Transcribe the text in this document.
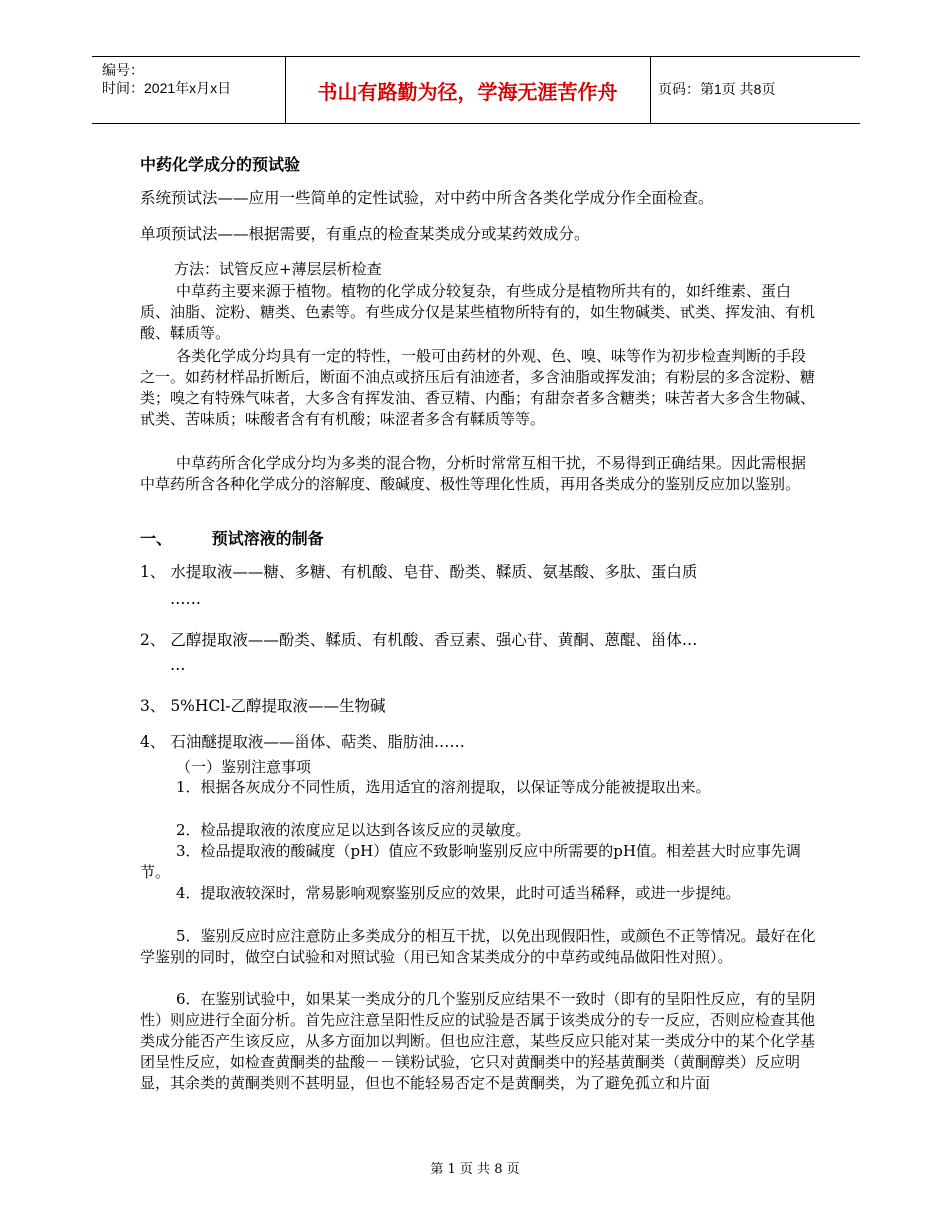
编号：
时间：2021年x月x日	书山有路勤为径，学海无涯苦作舟	页码：第1页 共8页
中药化学成分的预试验
系统预试法——应用一些简单的定性试验，对中药中所含各类化学成分作全面检查。
单项预试法——根据需要，有重点的检查某类成分或某药效成分。
方法：试管反应+薄层层析检查
中草药主要来源于植物。植物的化学成分较复杂，有些成分是植物所共有的，如纤维素、蛋白质、油脂、淀粉、糖类、色素等。有些成分仅是某些植物所特有的，如生物碱类、甙类、挥发油、有机酸、鞣质等。
各类化学成分均具有一定的特性，一般可由药材的外观、色、嗅、味等作为初步检查判断的手段之一。如药材样品折断后，断面不油点或挤压后有油迹者，多含油脂或挥发油；有粉层的多含淀粉、糖类；嗅之有特殊气味者，大多含有挥发油、香豆精、内酯；有甜奈者多含糖类；味苦者大多含生物碱、甙类、苦味质；味酸者含有有机酸；味涩者多含有鞣质等等。
中草药所含化学成分均为多类的混合物，分析时常常互相干扰，不易得到正确结果。因此需根据中草药所含各种化学成分的溶解度、酸碱度、极性等理化性质，再用各类成分的鉴别反应加以鉴别。
一、 预试溶液的制备
1、 水提取液——糖、多糖、有机酸、皂苷、酚类、鞣质、氨基酸、多肽、蛋白质
……
2、 乙醇提取液——酚类、鞣质、有机酸、香豆素、强心苷、黄酮、蒽醌、甾体…
…
3、 5%HCl-乙醇提取液——生物碱
4、 石油醚提取液——甾体、萜类、脂肪油……
（一）鉴别注意事项
1．根据各灰成分不同性质，选用适宜的溶剂提取，以保证等成分能被提取出来。
2．检品提取液的浓度应足以达到各该反应的灵敏度。
3．检品提取液的酸碱度（pH）值应不致影响鉴别反应中所需要的pH值。相差甚大时应事先调节。
4．提取液较深时，常易影响观察鉴别反应的效果，此时可适当稀释，或进一步提纯。
5．鉴别反应时应注意防止多类成分的相互干扰，以免出现假阳性，或颜色不正等情况。最好在化学鉴别的同时，做空白试验和对照试验（用已知含某类成分的中草药或纯品做阳性对照）。
6．在鉴别试验中，如果某一类成分的几个鉴别反应结果不一致时（即有的呈阳性反应，有的呈阴性）则应进行全面分析。首先应注意呈阳性反应的试验是否属于该类成分的专一反应，否则应检查其他类成分能否产生该反应，从多方面加以判断。但也应注意，某些反应只能对某一类成分中的某个化学基团呈性反应，如检查黄酮类的盐酸－－镁粉试验，它只对黄酮类中的羟基黄酮类（黄酮醇类）反应明显，其余类的黄酮类则不甚明显，但也不能轻易否定不是黄酮类，为了避免孤立和片面
第 1 页 共 8 页
